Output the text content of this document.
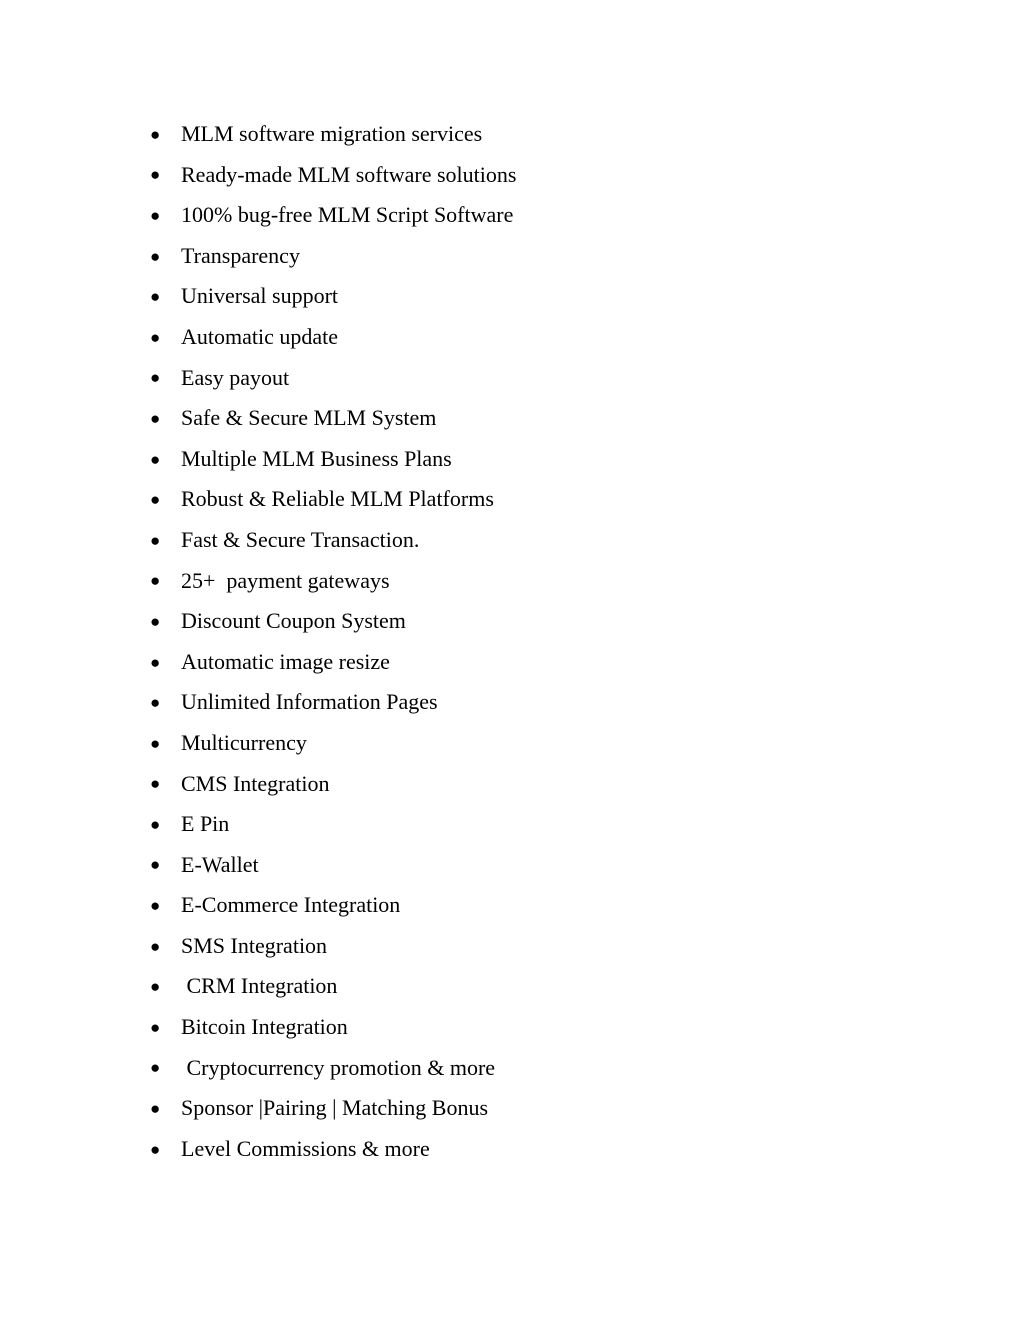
● MLM software migration services
● Ready-made MLM software solutions
● 100% bug-free MLM Script Software
● Transparency
● Universal support
● Automatic update
● Easy payout
● Safe & Secure MLM System
● Multiple MLM Business Plans
● Robust & Reliable MLM Platforms
● Fast & Secure Transaction.
● 25+  payment gateways
● Discount Coupon System
● Automatic image resize
● Unlimited Information Pages
● Multicurrency
● CMS Integration
● E Pin
● E-Wallet
● E-Commerce Integration
● SMS Integration
● CRM Integration
● Bitcoin Integration
● Cryptocurrency promotion & more
● Sponsor |Pairing | Matching Bonus
● Level Commissions & more
